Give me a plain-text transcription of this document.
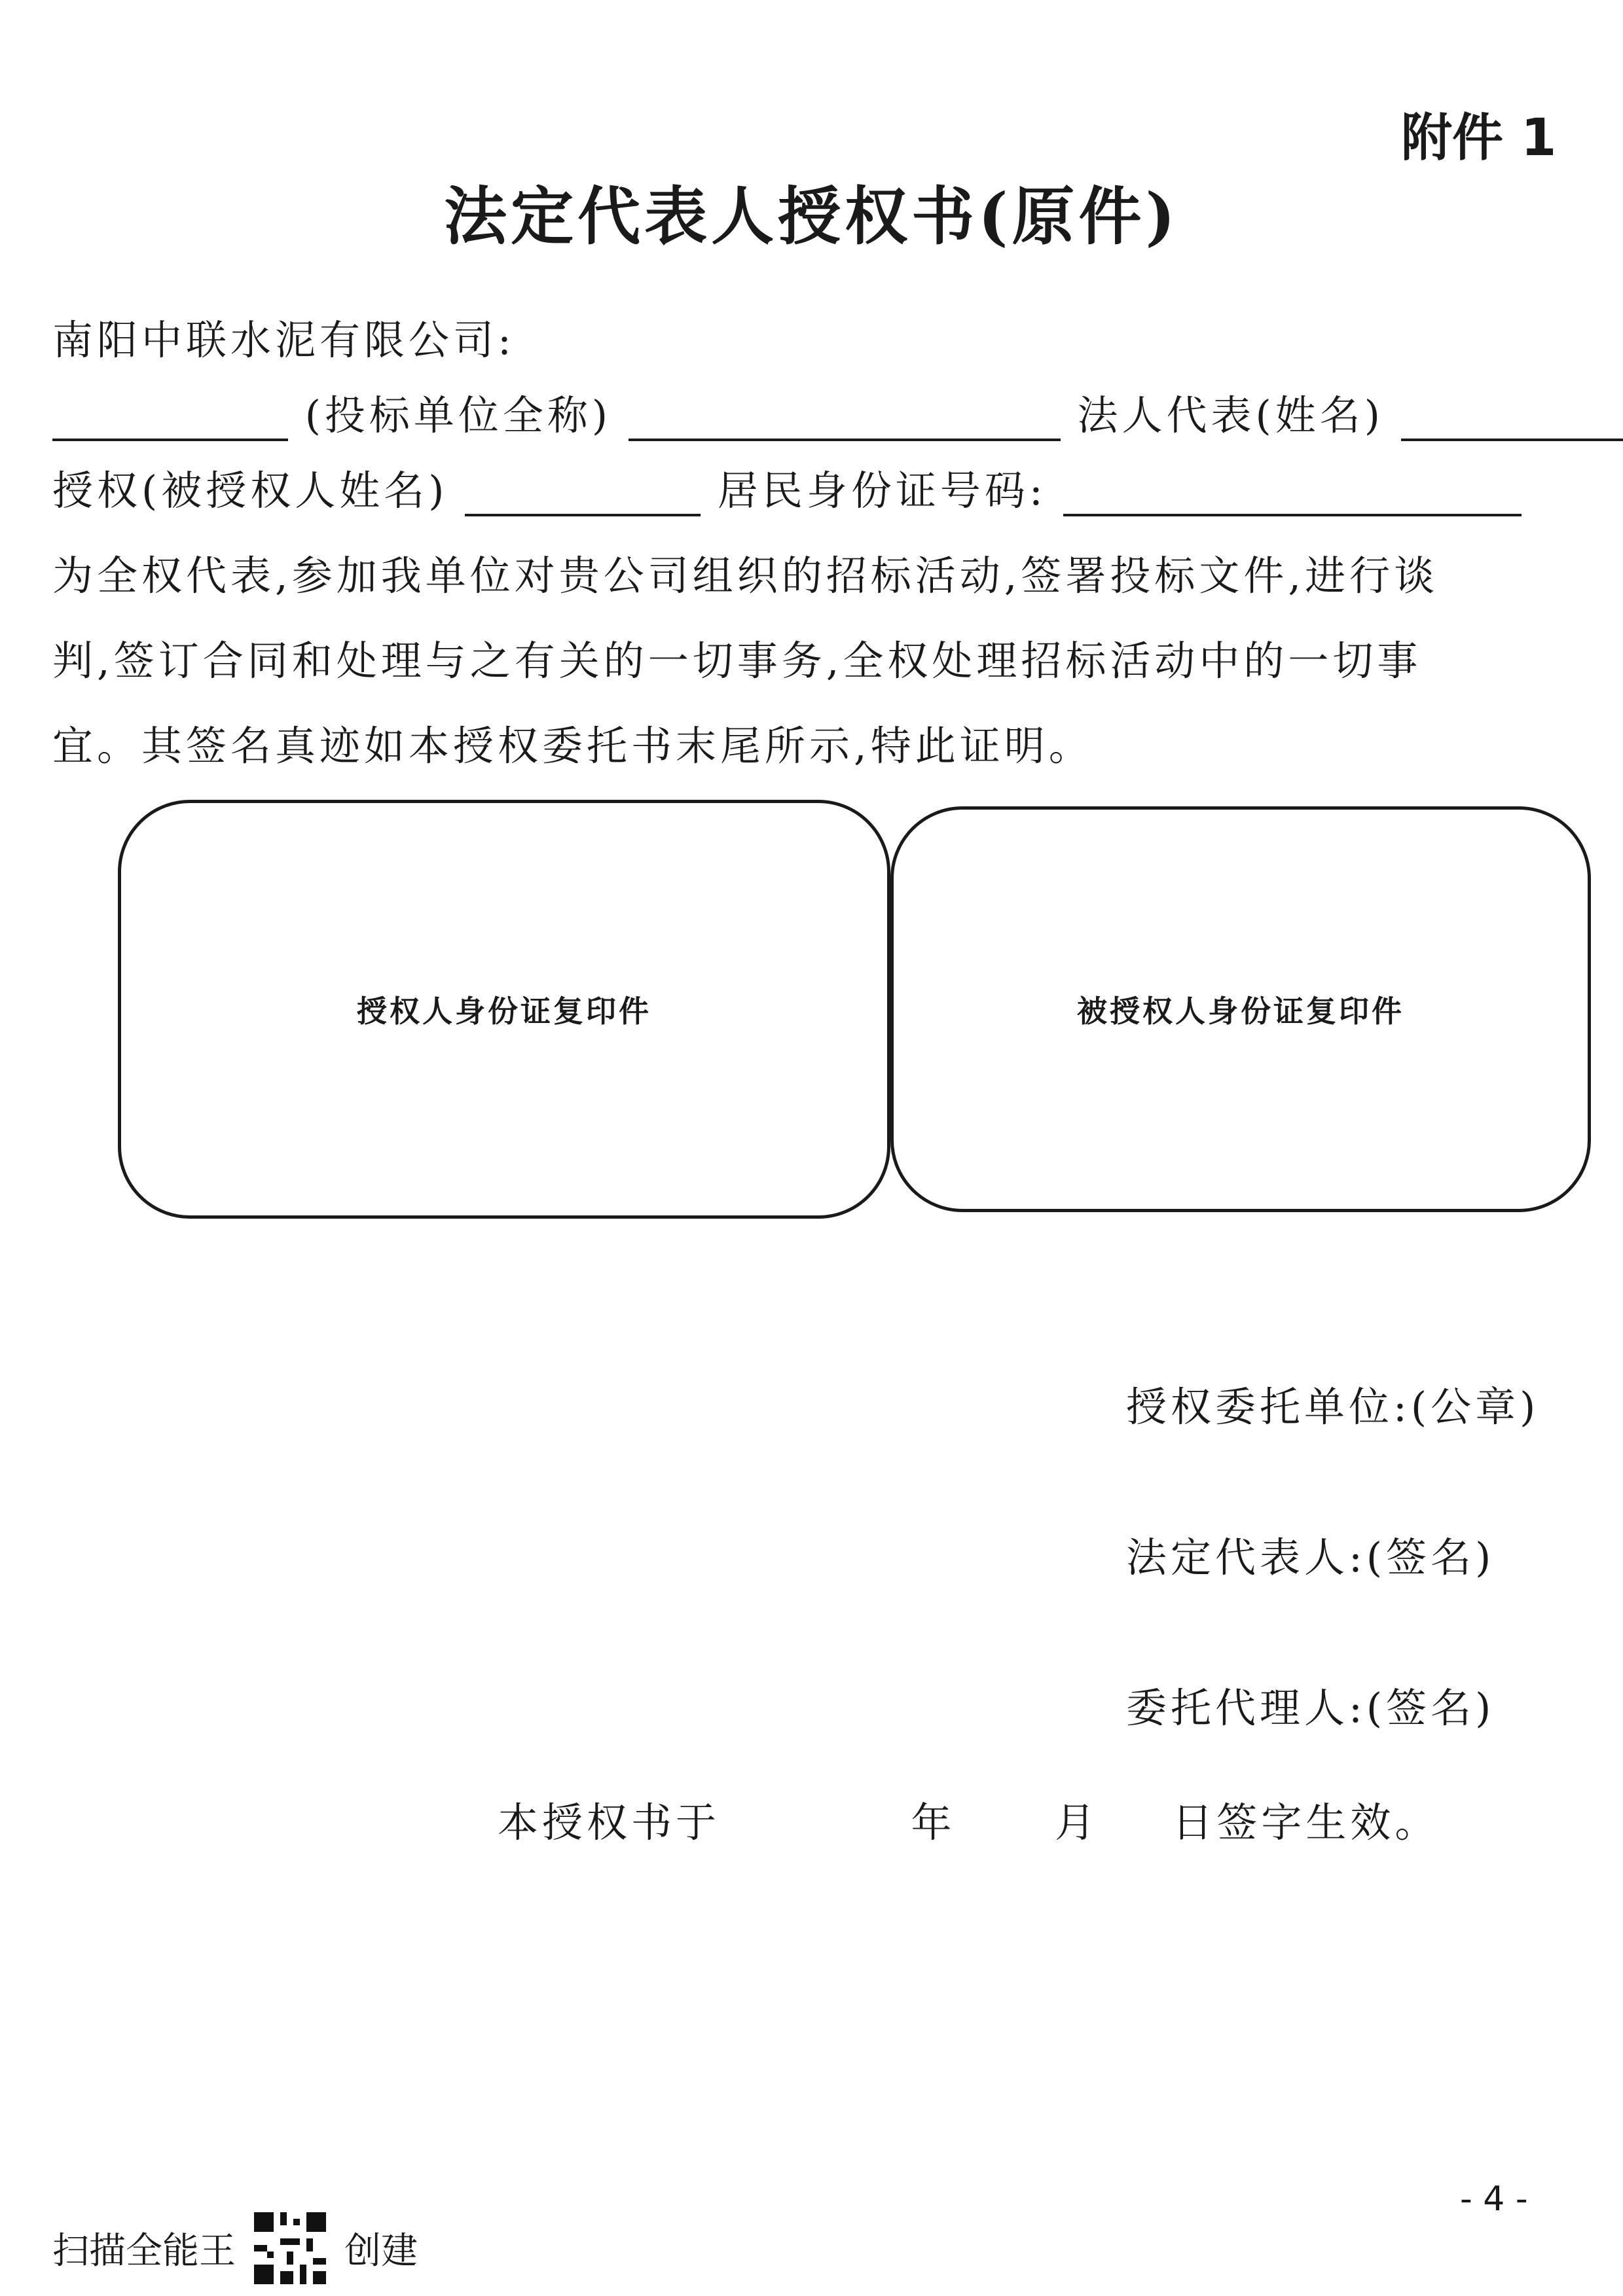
附件 1
法定代表人授权书(原件)
南阳中联水泥有限公司:
(投标单位全称)	法人代表(姓名)
授权(被授权人姓名)	居民身份证号码:
为全权代表,参加我单位对贵公司组织的招标活动,签署投标文件,进行谈
判,签订合同和处理与之有关的一切事务,全权处理招标活动中的一切事
宜。其签名真迹如本授权委托书末尾所示,特此证明。
授权人身份证复印件	被授权人身份证复印件
授权委托单位:(公章)
法定代表人:(签名)
委托代理人:(签名)
本授权书于	年 月 日签字生效。
- 4 -
扫描全能王	创建
